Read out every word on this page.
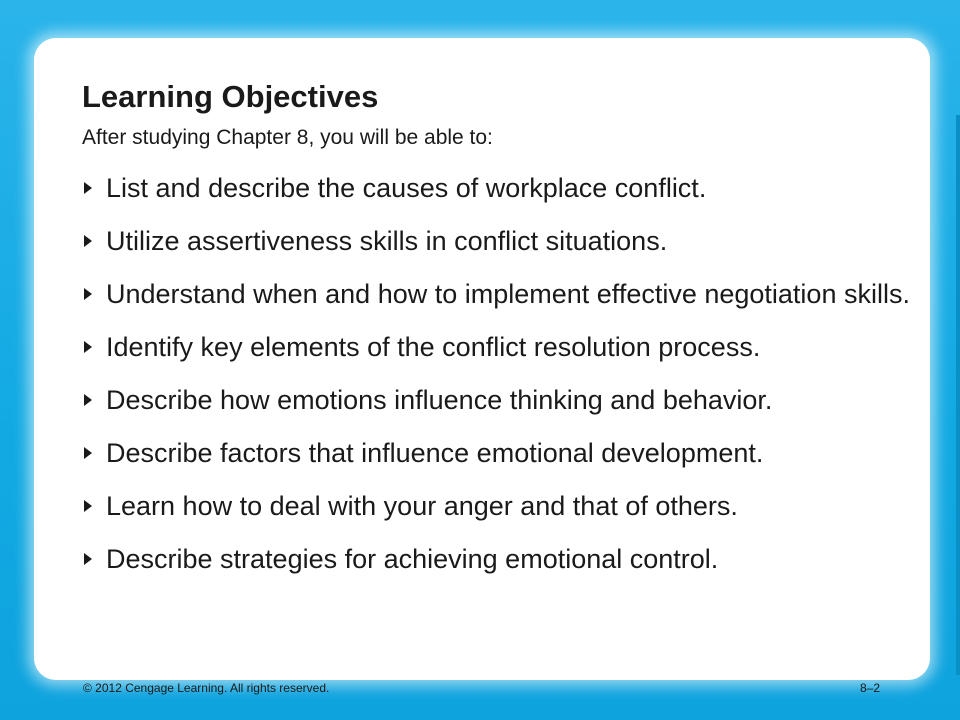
Learning Objectives

After studying Chapter 8, you will be able to:

List and describe the causes of workplace conflict.
Utilize assertiveness skills in conflict situations.
Understand when and how to implement effective negotiation skills.
Identify key elements of the conflict resolution process.
Describe how emotions influence thinking and behavior.
Describe factors that influence emotional development.
Learn how to deal with your anger and that of others.
Describe strategies for achieving emotional control.
© 2012 Cengage Learning. All rights reserved.	8–2
